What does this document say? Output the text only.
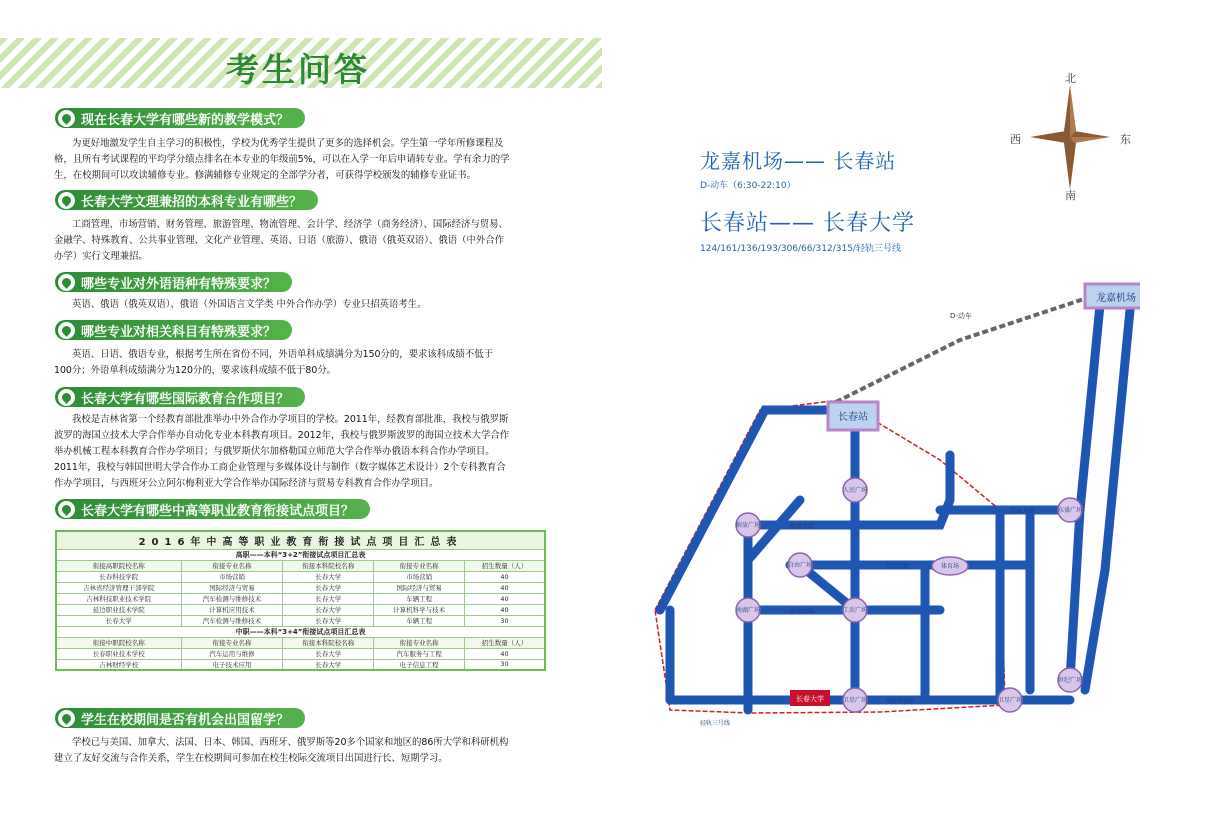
考生问答
现在长春大学有哪些新的教学模式？
为更好地激发学生自主学习的积极性，学校为优秀学生提供了更多的选择机会。学生第一学年所修课程及
格，且所有考试课程的平均学分绩点排名在本专业的年级前5%，可以在入学一年后申请转专业。学有余力的学
生，在校期间可以攻读辅修专业。修满辅修专业规定的全部学分者，可获得学校颁发的辅修专业证书。
长春大学文理兼招的本科专业有哪些？
工商管理、市场营销、财务管理、旅游管理、物流管理、会计学、经济学（商务经济）、国际经济与贸易、
金融学、特殊教育、公共事业管理、文化产业管理、英语、日语（旅游）、俄语（俄英双语）、俄语（中外合作
办学）实行文理兼招。
哪些专业对外语语种有特殊要求？
英语、俄语（俄英双语）、俄语（外国语言文学类 中外合作办学）专业只招英语考生。
哪些专业对相关科目有特殊要求？
英语、日语、俄语专业，根据考生所在省份不同，外语单科成绩满分为150分的，要求该科成绩不低于
100分；外语单科成绩满分为120分的，要求该科成绩不低于80分。
长春大学有哪些国际教育合作项目？
我校是吉林省第一个经教育部批准举办中外合作办学项目的学校。2011年，经教育部批准，我校与俄罗斯
波罗的海国立技术大学合作举办自动化专业本科教育项目。2012年，我校与俄罗斯波罗的海国立技术大学合作
举办机械工程本科教育合作办学项目；与俄罗斯伏尔加格勒国立师范大学合作举办俄语本科合作办学项目。
2011年，我校与韩国世明大学合作办工商企业管理与多媒体设计与制作（数字媒体艺术设计）2个专科教育合
作办学项目，与西班牙公立阿尔梅利亚大学合作举办国际经济与贸易专科教育合作办学项目。
长春大学有哪些中高等职业教育衔接试点项目？
2016年中高等职业教育衔接试点项目汇总表				
高职——本科“3+2”衔接试点项目汇总表				
衔接高职院校名称	衔接专业名称	衔接本科院校名称	衔接专业名称	招生数量（人）
长春科技学院	市场营销	长春大学	市场营销	40
吉林省经济管理干部学院	国际经济与贸易	长春大学	国际经济与贸易	40
吉林科技职业技术学院	汽车检测与维修技术	长春大学	车辆工程	40
延边职业技术学院	计算机应用技术	长春大学	计算机科学与技术	40
长春大学	汽车检测与维修技术	长春大学	车辆工程	30
中职——本科“3+4”衔接试点项目汇总表				
衔接中职院校名称	衔接专业名称	衔接本科院校名称	衔接专业名称	招生数量（人）
长春职业技术学校	汽车运用与维修	长春大学	汽车服务与工程	40
吉林财经学校	电子技术应用	长春大学	电子信息工程	30
学生在校期间是否有机会出国留学？
学校已与美国、加拿大、法国、日本、韩国、西班牙、俄罗斯等20多个国家和地区的86所大学和科研机构
建立了友好交流与合作关系，学生在校期间可参加在校生校际交流项目出国进行长、短期学习。
北
南
西	东
龙嘉机场—— 长春站
D-动车（6:30-22:10）
长春站—— 长春大学
124/161/136/193/306/66/312/315/轻轨三号线
龙嘉机场
长春站
D-动车
人民广场
解放广场
自由广场
南湖广场	工农广场
卫星广场	卫星广场
世纪广场
东盛广场
体育场
长春大学
解放大路
自由大路
南湖大路
南部快速路
吉林大路
轻轨三号线
